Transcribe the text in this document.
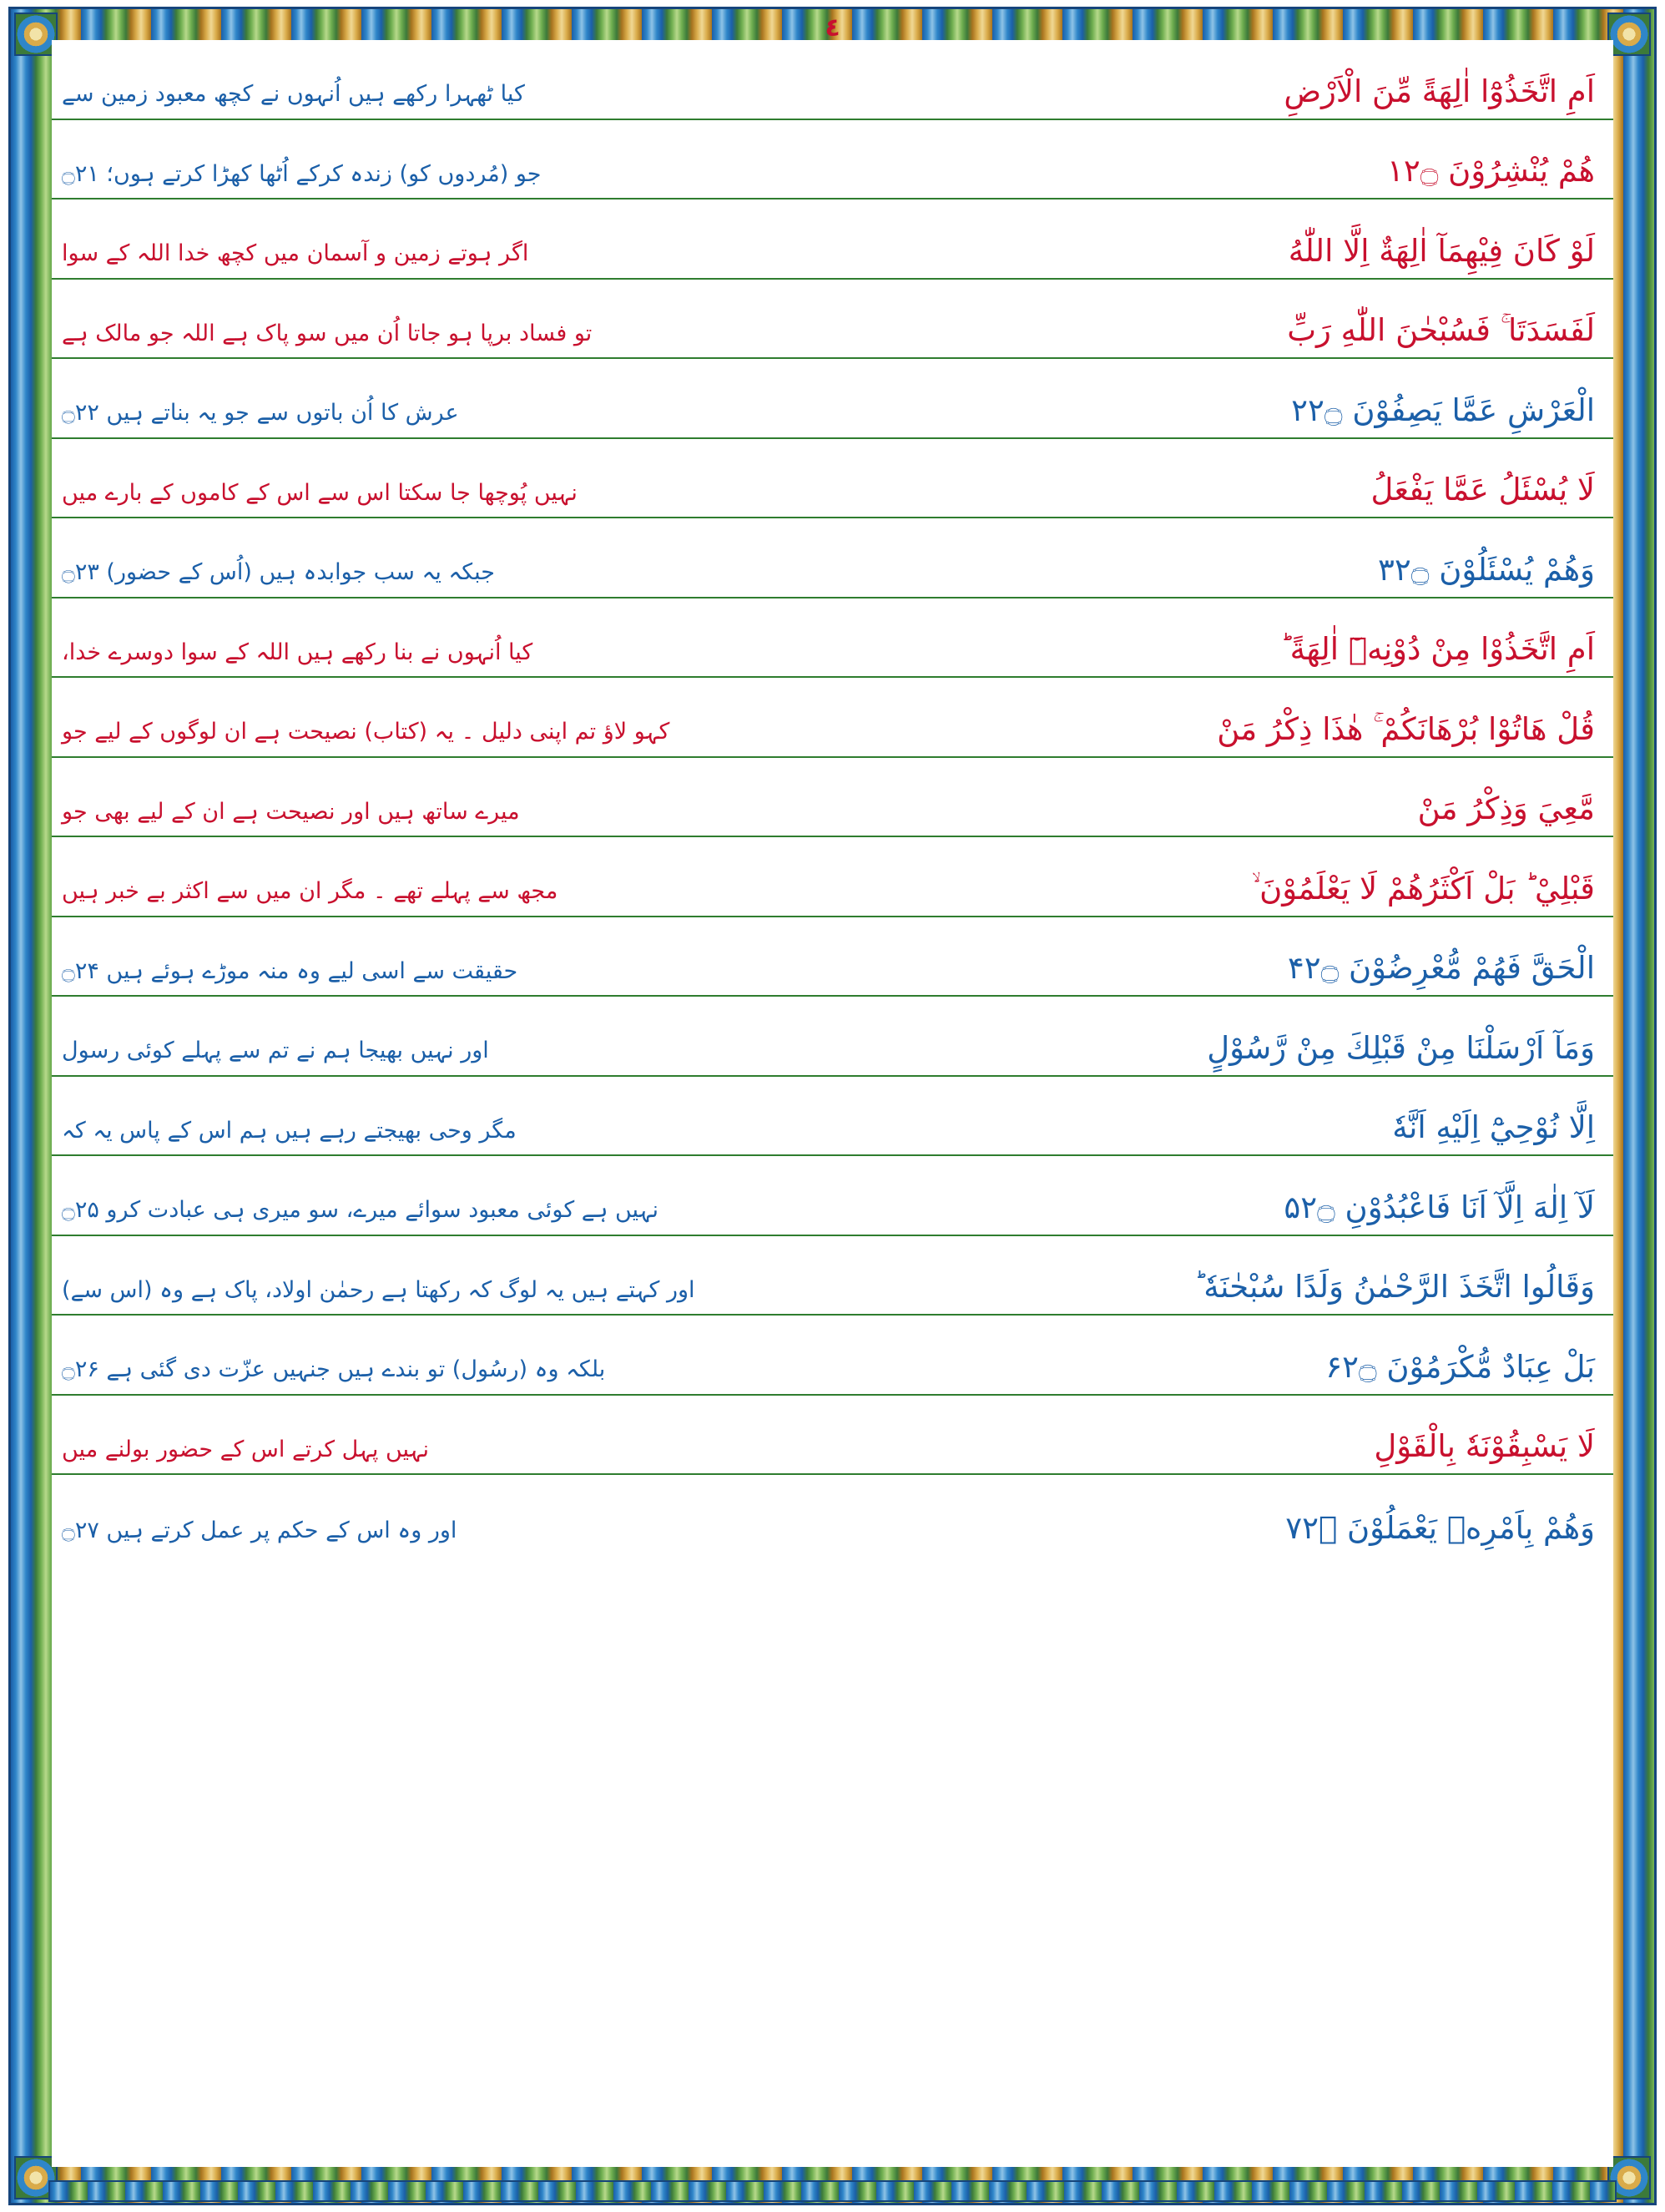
٤
اَمِ اتَّخَذُوْٓا اٰلِهَةً مِّنَ الْاَرْضِ
کیا ٹھہرا رکھے ہیں اُنہوں نے کچھ معبود زمین سے
هُمْ يُنْشِرُوْنَ ۝۲۱
جو (مُردوں کو) زندہ کرکے اُٹھا کھڑا کرتے ہوں؛ ۝۲۱
لَوْ كَانَ فِيْهِمَآ اٰلِهَةٌ اِلَّا اللّٰهُ
اگر ہوتے زمین و آسمان میں کچھ خدا اللہ کے سوا
لَفَسَدَتَا ۚ فَسُبْحٰنَ اللّٰهِ رَبِّ
تو فساد برپا ہو جاتا اُن میں سو پاک ہے اللہ جو مالک ہے
الْعَرْشِ عَمَّا يَصِفُوْنَ ۝۲۲
عرش کا اُن باتوں سے جو یہ بناتے ہیں ۝۲۲
لَا يُسْئَلُ عَمَّا يَفْعَلُ
نہیں پُوچھا جا سکتا اس سے اس کے کاموں کے بارے میں
وَهُمْ يُسْئَلُوْنَ ۝۲۳
جبکہ یہ سب جوابدہ ہیں (اُس کے حضور) ۝۲۳
اَمِ اتَّخَذُوْا مِنْ دُوْنِهٖٓ اٰلِهَةً ؕ
کیا اُنہوں نے بنا رکھے ہیں اللہ کے سوا دوسرے خدا،
قُلْ هَاتُوْا بُرْهَانَكُمْ ۚ هٰذَا ذِكْرُ مَنْ
کہو لاؤ تم اپنی دلیل ۔ یہ (کتاب) نصیحت ہے ان لوگوں کے لیے جو
مَّعِيَ وَذِكْرُ مَنْ
میرے ساتھ ہیں اور نصیحت ہے ان کے لیے بھی جو
قَبْلِيْ ؕ بَلْ اَكْثَرُهُمْ لَا يَعْلَمُوْنَ ۙ
مجھ سے پہلے تھے ۔ مگر ان میں سے اکثر بے خبر ہیں
الْحَقَّ فَهُمْ مُّعْرِضُوْنَ ۝۲۴
حقیقت سے اسی لیے وہ منہ موڑے ہوئے ہیں ۝۲۴
وَمَآ اَرْسَلْنَا مِنْ قَبْلِكَ مِنْ رَّسُوْلٍ
اور نہیں بھیجا ہم نے تم سے پہلے کوئی رسول
اِلَّا نُوْحِيْٓ اِلَيْهِ اَنَّهٗ
مگر وحی بھیجتے رہے ہیں ہم اس کے پاس یہ کہ
لَآ اِلٰهَ اِلَّآ اَنَا فَاعْبُدُوْنِ ۝۲۵
نہیں ہے کوئی معبود سوائے میرے، سو میری ہی عبادت کرو ۝۲۵
وَقَالُوا اتَّخَذَ الرَّحْمٰنُ وَلَدًا سُبْحٰنَهٗ ؕ
اور کہتے ہیں یہ لوگ کہ رکھتا ہے رحمٰن اولاد، پاک ہے وہ (اس سے)
بَلْ عِبَادٌ مُّكْرَمُوْنَ ۝۲۶
بلکہ وہ (رسُول) تو بندے ہیں جنہیں عزّت دی گئی ہے ۝۲۶
لَا يَسْبِقُوْنَهٗ بِالْقَوْلِ
نہیں پہل کرتے اس کے حضور بولنے میں
وَهُمْ بِاَمْرِهٖ يَعْمَلُوْنَ ۝۲۷
اور وہ اس کے حکم پر عمل کرتے ہیں ۝۲۷
